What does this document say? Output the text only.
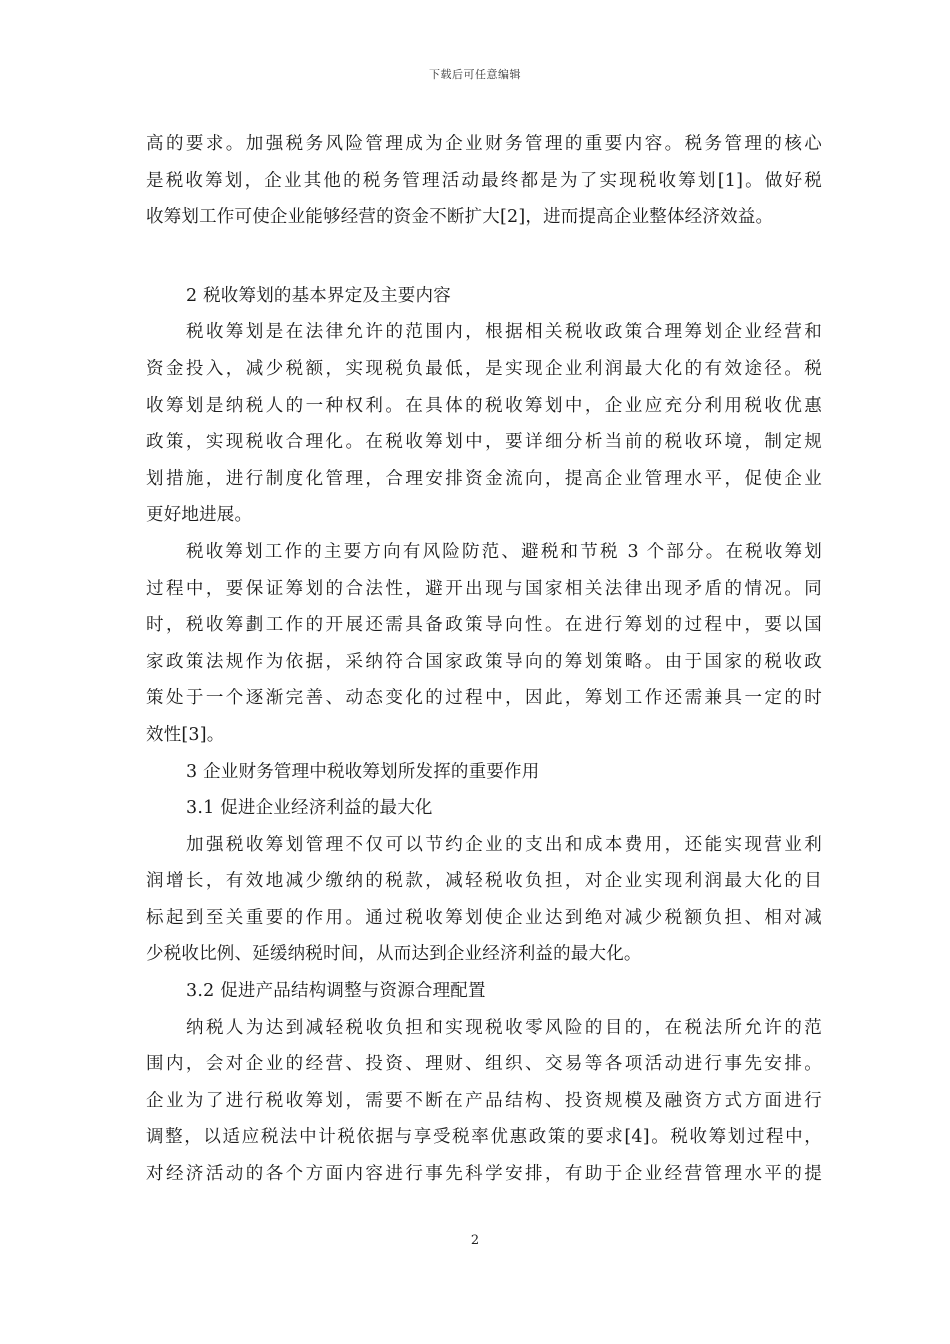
下载后可任意编辑
高的要求。加强税务风险管理成为企业财务管理的重要内容。税务管理的核心
是税收筹划，企业其他的税务管理活动最终都是为了实现税收筹划[1]。做好税
收筹划工作可使企业能够经营的资金不断扩大[2]，进而提高企业整体经济效益。
2 税收筹划的基本界定及主要内容
税收筹划是在法律允许的范围内，根据相关税收政策合理筹划企业经营和
资金投入，减少税额，实现税负最低，是实现企业利润最大化的有效途径。税
收筹划是纳税人的一种权利。在具体的税收筹划中，企业应充分利用税收优惠
政策，实现税收合理化。在税收筹划中，要详细分析当前的税收环境，制定规
划措施，进行制度化管理，合理安排资金流向，提高企业管理水平，促使企业
更好地进展。
税收筹划工作的主要方向有风险防范、避税和节税 3 个部分。在税收筹划
过程中，要保证筹划的合法性，避开出现与国家相关法律出现矛盾的情况。同
时，税收筹劃工作的开展还需具备政策导向性。在进行筹划的过程中，要以国
家政策法规作为依据，采纳符合国家政策导向的筹划策略。由于国家的税收政
策处于一个逐渐完善、动态变化的过程中，因此，筹划工作还需兼具一定的时
效性[3]。
3 企业财务管理中税收筹划所发挥的重要作用
3.1 促进企业经济利益的最大化
加强税收筹划管理不仅可以节约企业的支出和成本费用，还能实现营业利
润增长，有效地减少缴纳的税款，减轻税收负担，对企业实现利润最大化的目
标起到至关重要的作用。通过税收筹划使企业达到绝对减少税额负担、相对减
少税收比例、延缓纳税时间，从而达到企业经济利益的最大化。
3.2 促进产品结构调整与资源合理配置
纳税人为达到减轻税收负担和实现税收零风险的目的，在税法所允许的范
围内，会对企业的经营、投资、理财、组织、交易等各项活动进行事先安排。
企业为了进行税收筹划，需要不断在产品结构、投资规模及融资方式方面进行
调整，以适应税法中计税依据与享受税率优惠政策的要求[4]。税收筹划过程中，
对经济活动的各个方面内容进行事先科学安排，有助于企业经营管理水平的提
2
